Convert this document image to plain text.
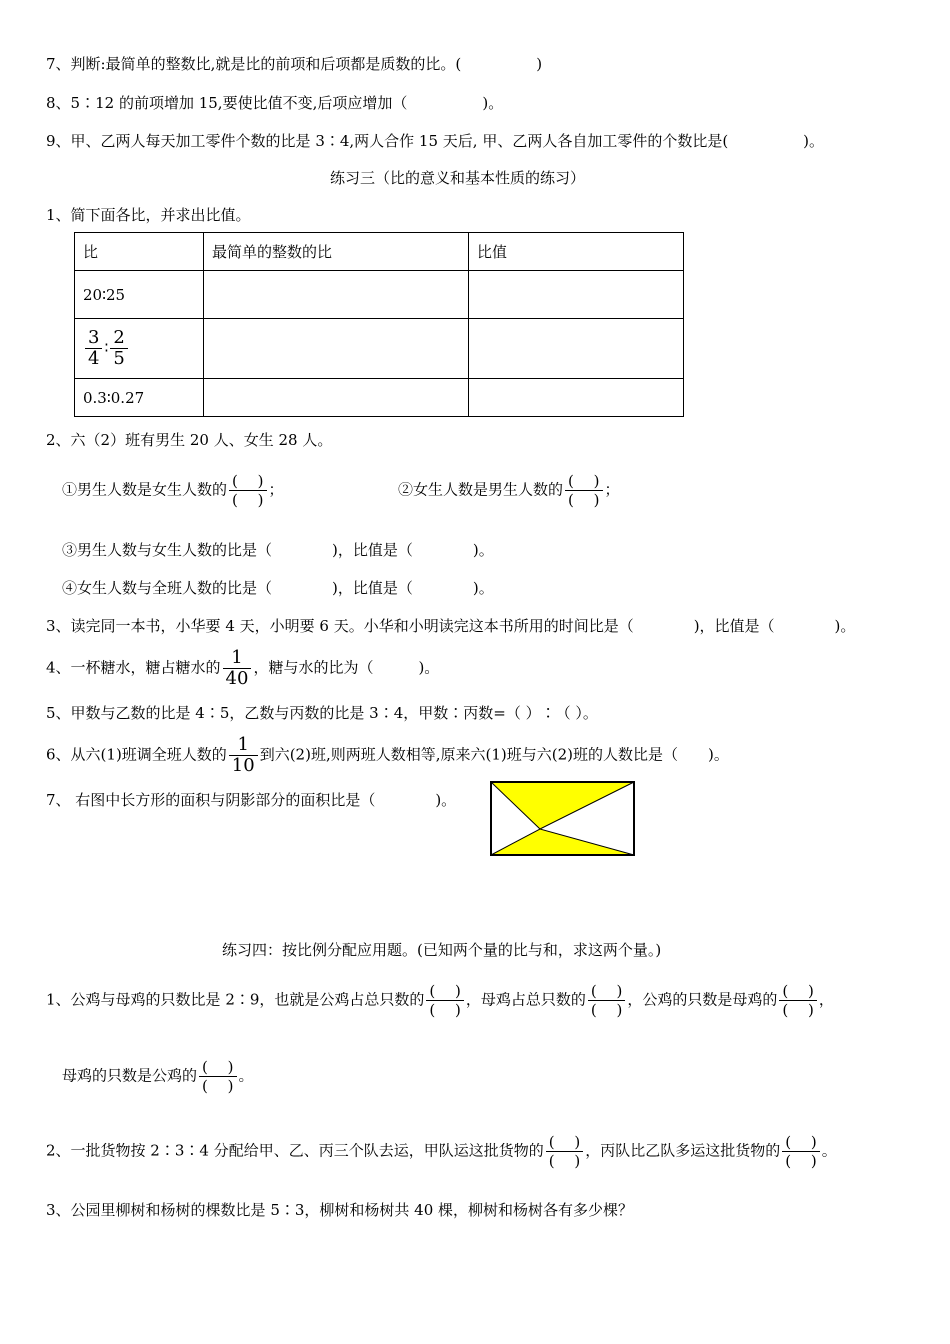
7、判断:最简单的整数比,就是比的前项和后项都是质数的比。(　　　　　)
8、5∶12 的前项增加 15,要使比值不变,后项应增加（　　　　　)。
9、甲、乙两人每天加工零件个数的比是 3∶4,两人合作 15 天后, 甲、乙两人各自加工零件的个数比是(　　　　　)。
练习三（比的意义和基本性质的练习）
1、简下面各比，并求出比值。
比	最简单的整数的比	比值
20∶25		

$\frac{3}{4}$ ∶ $\frac{2}{5}$

0.3∶0.27		
2、六（2）班有男生 20 人、女生 28 人。
①男生人数是女生人数的 $\frac{( )}{( )}$ ；	②女生人数是男生人数的 $\frac{( )}{( )}$ ；
③男生人数与女生人数的比是（　　　　)，比值是（　　　　)。
④女生人数与全班人数的比是（　　　　)，比值是（　　　　)。
3、读完同一本书，小华要 4 天，小明要 6 天。小华和小明读完这本书所用的时间比是（　　　　)，比值是（　　　　)。
4、一杯糖水，糖占糖水的 $\frac{1}{40}$ ，糖与水的比为（　　　)。
5、甲数与乙数的比是 4∶5，乙数与丙数的比是 3∶4，甲数∶丙数=（ ）∶（ ）。
6、从六(1)班调全班人数的 $\frac{1}{10}$ 到六(2)班,则两班人数相等,原来六(1)班与六(2)班的人数比是（　　)。
7、 右图中长方形的面积与阴影部分的面积比是（　　　　)。
练习四：按比例分配应用题。(已知两个量的比与和，求这两个量。)
1、公鸡与母鸡的只数比是 2∶9，也就是公鸡占总只数的 $\frac{( )}{( )}$ ，母鸡占总只数的 $\frac{( )}{( )}$ ，公鸡的只数是母鸡的 $\frac{( )}{( )}$ ，
母鸡的只数是公鸡的 $\frac{( )}{( )}$ 。
2、一批货物按 2∶3∶4 分配给甲、乙、丙三个队去运，甲队运这批货物的 $\frac{( )}{( )}$ ，丙队比乙队多运这批货物的 $\frac{( )}{( )}$ 。
3、公园里柳树和杨树的棵数比是 5∶3，柳树和杨树共 40 棵，柳树和杨树各有多少棵？
